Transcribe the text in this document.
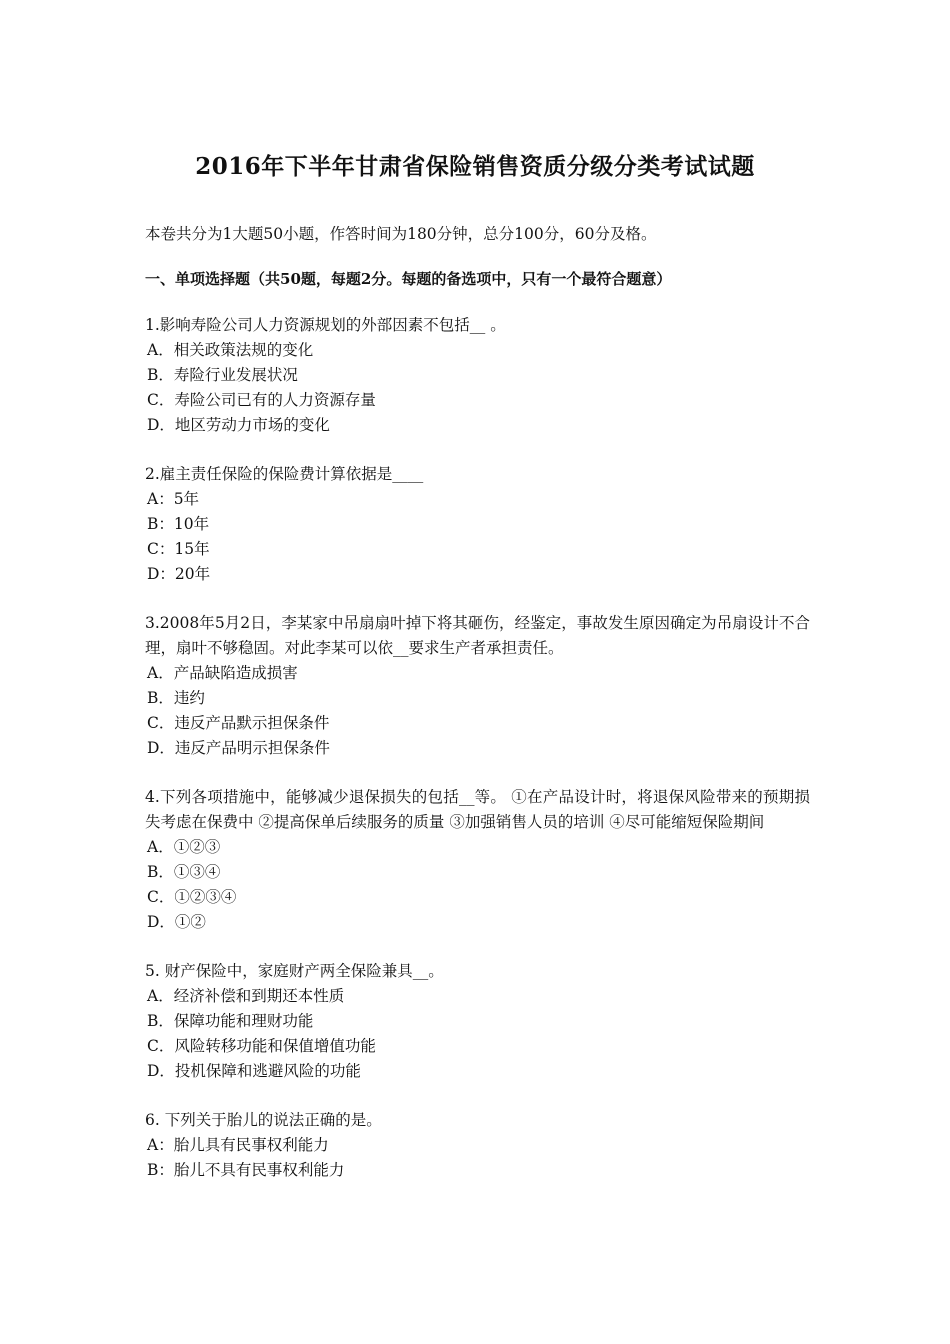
2016年下半年甘肃省保险销售资质分级分类考试试题

本卷共分为1大题50小题，作答时间为180分钟，总分100分，60分及格。

一、单项选择题（共50题，每题2分。每题的备选项中，只有一个最符合题意）

1.影响寿险公司人力资源规划的外部因素不包括__ 。

A．相关政策法规的变化

B．寿险行业发展状况

C．寿险公司已有的人力资源存量

D．地区劳动力市场的变化

2.雇主责任保险的保险费计算依据是____

A：5年

B：10年

C：15年

D：20年

3.2008年5月2日，李某家中吊扇扇叶掉下将其砸伤，经鉴定，事故发生原因确定为吊扇设计不合理，扇叶不够稳固。对此李某可以依__要求生产者承担责任。

A．产品缺陷造成损害

B．违约

C．违反产品默示担保条件

D．违反产品明示担保条件

4.下列各项措施中，能够减少退保损失的包括__等。 ①在产品设计时，将退保风险带来的预期损失考虑在保费中 ②提高保单后续服务的质量 ③加强销售人员的培训 ④尽可能缩短保险期间

A．①②③

B．①③④

C．①②③④

D．①②

5. 财产保险中，家庭财产两全保险兼具__。

A．经济补偿和到期还本性质

B．保障功能和理财功能

C．风险转移功能和保值增值功能

D．投机保障和逃避风险的功能

6. 下列关于胎儿的说法正确的是。

A：胎儿具有民事权利能力

B：胎儿不具有民事权利能力
